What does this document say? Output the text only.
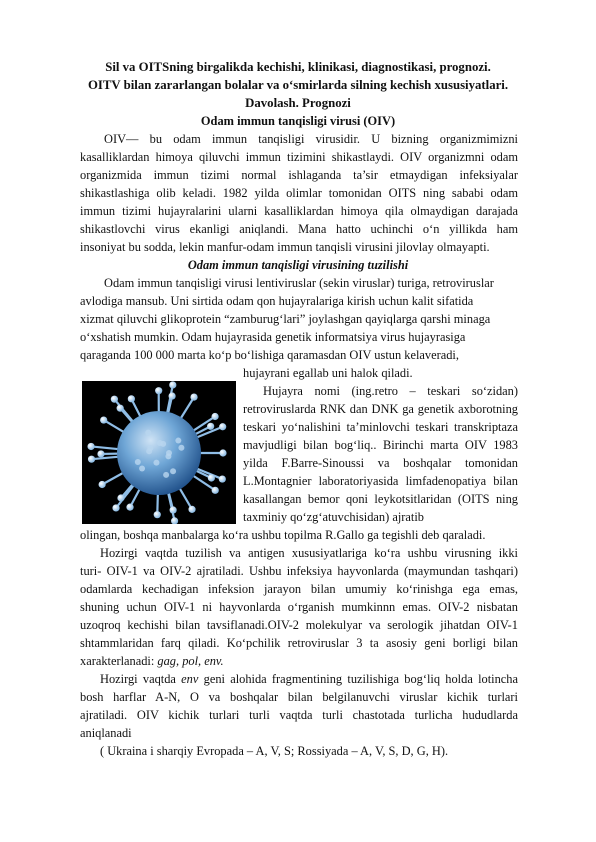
Sil va OITSning birgalikda kechishi, klinikasi, diagnostikasi, prognozi.
OITV bilan zararlangan bolalar va o‘smirlarda silning kechish xususiyatlari.
Davolash. Prognozi
Odam immun tanqisligi virusi (OIV)
OIV— bu odam immun tanqisligi virusidir. U bizning organizmimizni
kasalliklardan himoya qiluvchi immun tizimini shikastlaydi. OIV organizmni odam
organizmida immun tizimi normal ishlaganda ta’sir etmaydigan infeksiyalar
shikastlashiga olib keladi. 1982 yilda olimlar tomonidan OITS ning sababi odam
immun tizimi hujayralarini ularni kasalliklardan himoya qila olmaydigan darajada
shikastlovchi virus ekanligi aniqlandi. Mana hatto uchinchi o‘n yillikda ham
insoniyat bu sodda, lekin manfur-odam immun tanqisli virusini jilovlay olmayapti.
Odam immun tanqisligi virusining tuzilishi
Odam immun tanqisligi virusi lentiviruslar (sekin viruslar) turiga, retroviruslar
avlodiga mansub. Uni sirtida odam qon hujayralariga kirish uchun kalit sifatida
xizmat qiluvchi glikoprotein “zamburug‘lari” joylashgan qayiqlarga qarshi minaga
o‘xshatish mumkin. Odam hujayrasida genetik informatsiya virus hujayrasiga
qaraganda 100 000 marta ko‘p bo‘lishiga qaramasdan OIV ustun kelaveradi,
hujayrani egallab uni halok qiladi.
Hujayra nomi (ing.retro – teskari so‘zidan)
retroviruslarda RNK dan DNK ga genetik axborotning
teskari yo‘nalishini ta’minlovchi teskari transkriptaza
mavjudligi bilan bog‘liq.. Birinchi marta OIV 1983
yilda F.Barre-Sinoussi va boshqalar tomonidan
L.Montagnier laboratoriyasida limfadenopatiya bilan
kasallangan bemor qoni leykotsitlaridan (OITS ning
taxminiy qo‘zg‘atuvchisidan) ajratib
olingan, boshqa manbalarga ko‘ra ushbu topilma R.Gallo ga tegishli deb qaraladi.
Hozirgi vaqtda tuzilish va antigen xususiyatlariga ko‘ra ushbu virusning ikki
turi- OIV-1 va OIV-2 ajratiladi. Ushbu infeksiya hayvonlarda (maymundan tashqari)
odamlarda kechadigan infeksion jarayon bilan umumiy ko‘rinishga ega emas,
shuning uchun OIV-1 ni hayvonlarda o‘rganish mumkinnn emas. OIV-2 nisbatan
uzoqroq kechishi bilan tavsiflanadi.OIV-2 molekulyar va serologik jihatdan OIV-1
shtammlaridan farq qiladi. Ko‘pchilik retroviruslar 3 ta asosiy geni borligi bilan
xarakterlanadi: gag, pol, env.
Hozirgi vaqtda env geni alohida fragmentining tuzilishiga bog‘liq holda lotincha
bosh harflar A-N, O va boshqalar bilan belgilanuvchi viruslar kichik turlari
ajratiladi. OIV kichik turlari turli vaqtda turli chastotada turlicha hududlarda
aniqlanadi
( Ukraina i sharqiy Evropada – A, V, S; Rossiyada – A, V, S, D, G, H).
